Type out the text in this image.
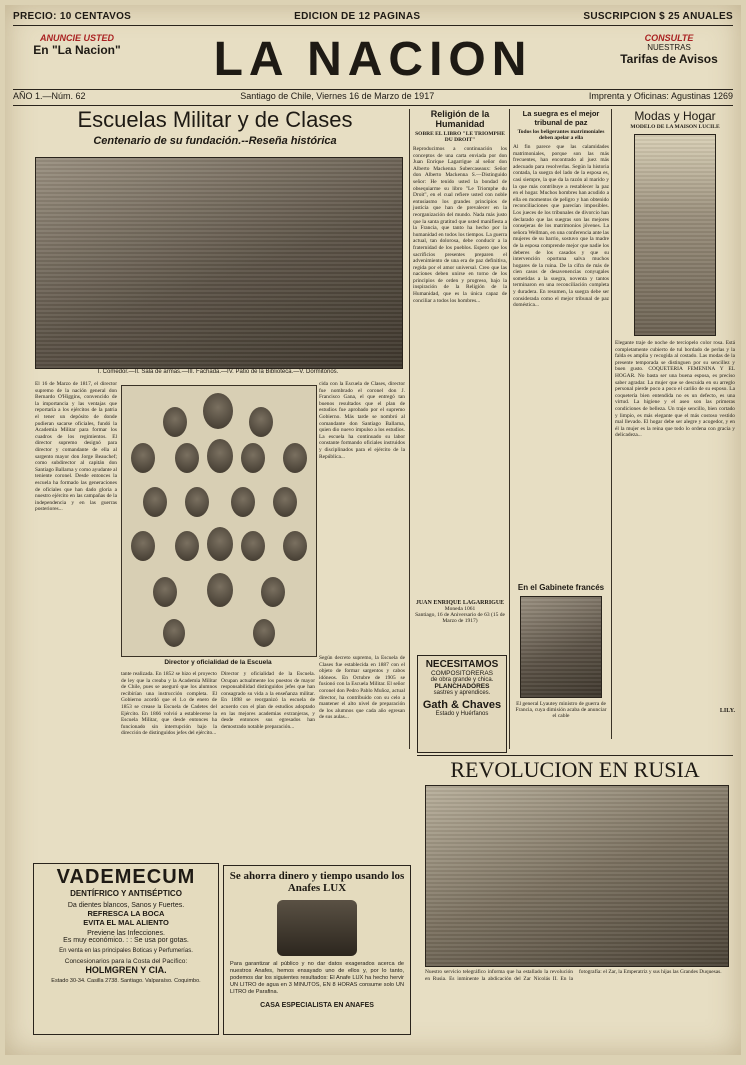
PRECIO: 10 CENTAVOS	EDICION DE 12 PAGINAS	SUSCRIPCION $ 25 ANUALES
ANUNCIE USTED
En "La Nacion"	LA NACION	CONSULTE
NUESTRAS
Tarifas de Avisos
AÑO 1.—Núm. 62	Santiago de Chile, Viernes 16 de Marzo de 1917	Imprenta y Oficinas: Agustinas 1269
Escuelas Militar y de Clases
Centenario de su fundación.--Reseña histórica
I. Comedor.—II. Sala de armas.—III. Fachada.—IV. Patio de la Biblioteca.—V. Dormitorios.
El 16 de Marzo de 1817, el director supremo de la nación general don Bernardo O'Higgins, convencido de la importancia y las ventajas que reportaría a los ejércitos de la patria el tener un depósito de donde pudieran sacarse oficiales, fundó la Academia Militar para formar los cuadros de los regimientos. El director supremo designó para director y comandante de ella al sargento mayor don Jorge Beauchef; como subdirector al capitán don Santiago Ballarna y como ayudante al teniente coronel. Desde entonces la escuela ha formado las generaciones de oficiales que han dado gloria a nuestro ejército en las campañas de la independencia y en las guerras posteriores...
cida con la Escuela de Clases, director fue nombrado el coronel don J. Francisco Gana, el que entregó tan buenos resultados que el plan de estudios fue aprobado por el supremo Gobierno. Más tarde se nombró al comandante don Santiago Ballarna, quien dio nuevo impulso a los estudios. La escuela ha continuado su labor constante formando oficiales instruidos y disciplinados para el ejército de la República...
Director y oficialidad de la Escuela
tante realizada. En 1852 se hizo el proyecto de ley que la creaba y la Academia Militar de Chile, pues se aseguró que los alumnos recibirían una instrucción completa. El Gobierno acordó que el 1.o de enero de 1853 se crease la Escuela de Cadetes del Ejército. En 1866 volvió a establecerse la Escuela Militar, que desde entonces ha funcionado sin interrupción bajo la dirección de distinguidos jefes del ejército...
Director y oficialidad de la Escuela. Ocupan actualmente los puestos de mayor responsabilidad distinguidos jefes que han consagrado su vida a la enseñanza militar. En 1898 se reorganizó la escuela de acuerdo con el plan de estudios adoptado en las mejores academias extranjeras, y desde entonces sus egresados han demostrado notable preparación...
Según decreto supremo, la Escuela de Clases fue establecida en 1887 con el objeto de formar sargentos y cabos idóneos. En Octubre de 1905 se fusionó con la Escuela Militar. El señor coronel don Pedro Pablo Muñoz, actual director, ha contribuido con su celo a mantener el alto nivel de preparación de los alumnos que cada año egresan de sus aulas...
Religión de la Humanidad
SOBRE EL LIBRO "LE TRIOMPHE DU DROIT"
Reproducimos a continuación los conceptos de una carta enviada por don Juan Enrique Lagarrigue al señor don Alberto Mackenna Subercaseaux: Señor don Alberto Mackenna S.—Distinguido señor: He tenido usted la bondad de obsequiarme su libro "Le Triomphe du Droit", en el cual refiere usted con noble entusiasmo los grandes principios de justicia que han de prevalecer en la reorganización del mundo. Nada más justo que la santa gratitud que usted manifiesta a la Francia, que tanto ha hecho por la humanidad en todos los tiempos. La guerra actual, tan dolorosa, debe conducir a la fraternidad de los pueblos. Espero que los sacrificios presentes preparen el advenimiento de una era de paz definitiva, regida por el amor universal. Creo que las naciones deben unirse en torno de los principios de orden y progreso, bajo la inspiración de la Religión de la Humanidad, que es la única capaz de conciliar a todos los hombres...
JUAN ENRIQUE LAGARRIGUE
Moneda 1061
Santiago, 16 de Aniversario de 63 (15 de Marzo de 1917)
La suegra es el mejor tribunal de paz
Todos los beligerantes matrimoniales deben apelar a ella
Al fin parece que las calamidades matrimoniales, porque son las más frecuentes, han encontrado al juez más adecuado para resolverlas. Según la historia contada, la suegra del lado de la esposa es, casi siempre, la que da la razón al marido y la que más contribuye a restablecer la paz en el hogar. Muchos hombres han acudido a ella en momentos de peligro y han obtenido reconciliaciones que parecían imposibles. Los jueces de los tribunales de divorcio han declarado que las suegras son las mejores consejeras de los matrimonios jóvenes. La señora Wellman, en una conferencia ante las mujeres de su barrio, sostuvo que la madre de la esposa comprende mejor que nadie los deberes de los casados y que su intervención oportuna salva muchos hogares de la ruina. De la cifra de más de cien casos de desavenencias conyugales sometidas a la suegra, noventa y tantos terminaron en una reconciliación completa y duradera. En resumen, la suegra debe ser considerada como el mejor tribunal de paz doméstica...
Modas y Hogar
MODELO DE LA MAISON LUCILE
Elegante traje de noche de terciopelo color rosa. Está completamente cubierto de tul bordado de perlas y la falda es amplia y recogida al costado. Las modas de la presente temporada se distinguen por su sencillez y buen gusto. COQUETERIA FEMENINA Y EL HOGAR. No basta ser una buena esposa, es preciso saber agradar. La mujer que se descuida en su arreglo personal pierde poco a poco el cariño de su esposo. La coquetería bien entendida no es un defecto, es una virtud. La higiene y el aseo son las primeras condiciones de belleza. Un traje sencillo, bien cortado y limpio, es más elegante que el más costoso vestido mal llevado. El hogar debe ser alegre y acogedor, y en él la mujer es la reina que todo lo ordena con gracia y delicadeza...
LILY.
En el Gabinete francés
El general Lyautey ministro de guerra de Francia, cuya dimisión acaba de anunciar el cable
NECESITAMOS
COMPOSITORERAS
de obra grande y chica.
PLANCHADORES
sastres y aprendices.
Gath & Chaves
Estado y Huérfanos
REVOLUCION EN RUSIA
Nuestro servicio telegráfico informa que ha estallado la revolución en Rusia. Es inminente la abdicación del Zar Nicolás II. En la fotografía: el Zar, la Emperatriz y sus hijas las Grandes Duquesas.
VADEMECUM
DENTÍFRICO Y ANTISÉPTICO
Da dientes blancos, Sanos y Fuertes.
REFRESCA LA BOCA
EVITA EL MAL ALIENTO
Previene las Infecciones.
Es muy económico. : : Se usa por gotas.
En venta en las principales Boticas y Perfumerías.
Concesionarios para la Costa del Pacífico:
HOLMGREN Y CIA.
Estado 30-34. Casilla 2738. Santiago. Valparaíso. Coquimbo.
Se ahorra dinero y tiempo usando los Anafes LUX
Para garantizar al público y no dar datos exagerados acerca de nuestros Anafes, hemos ensayado uno de ellos y, por lo tanto, podemos dar los siguientes resultados: El Anafe LUX ha hecho hervir UN LITRO de agua en 3 MINUTOS, EN 8 HORAS consume solo UN LITRO de Parafina.
CASA ESPECIALISTA EN ANAFES
